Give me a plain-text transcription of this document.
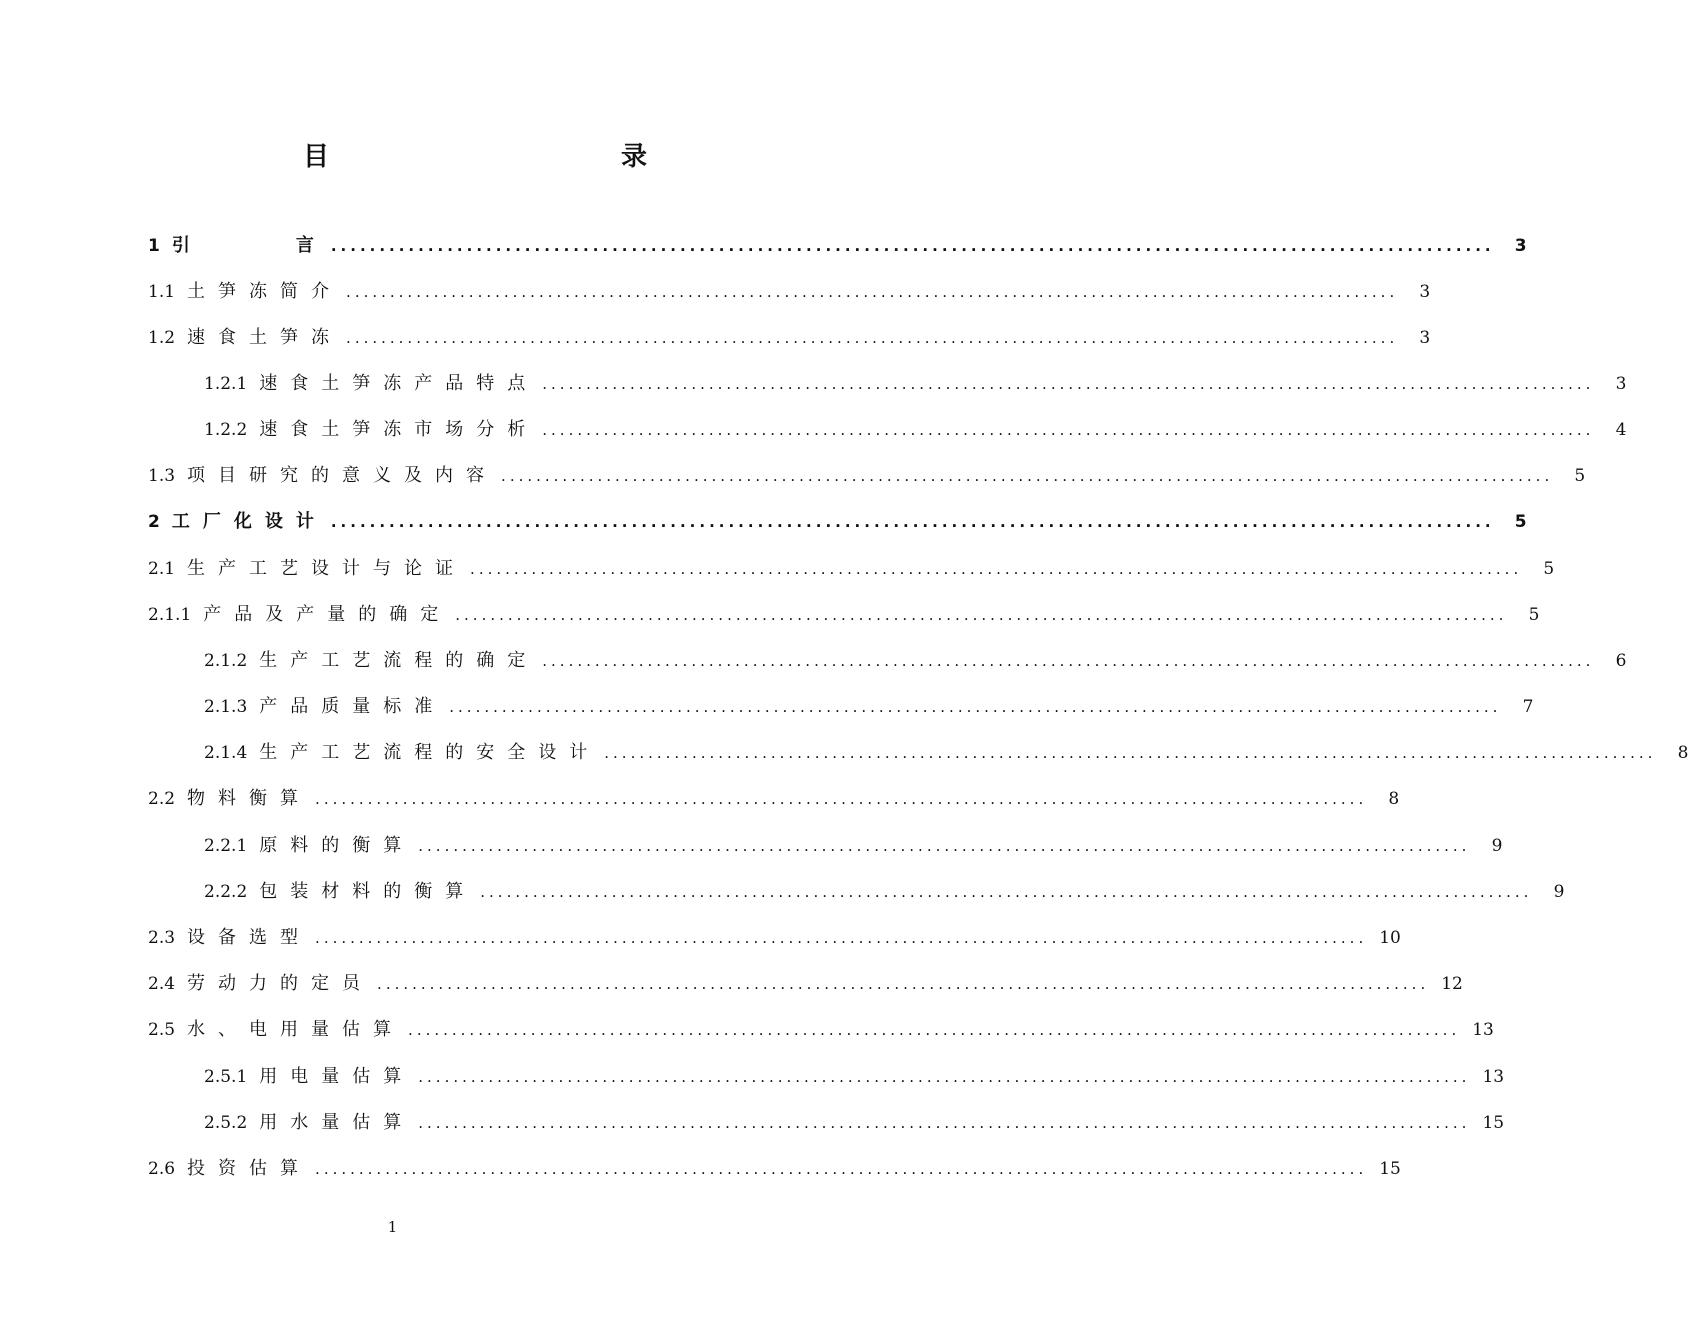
目　　录
1 引　　　言 ........................................................................................................................	3
1.1 土笋冻简介 ........................................................................................................................	3
1.2 速食土笋冻 ........................................................................................................................	3
1.2.1 速食土笋冻产品特点 ........................................................................................................................	3
1.2.2 速食土笋冻市场分析 ........................................................................................................................	4
1.3 项目研究的意义及内容 ........................................................................................................................	5
2 工厂化设计 ........................................................................................................................	5
2.1 生产工艺设计与论证 ........................................................................................................................	5
2.1.1 产品及产量的确定 ........................................................................................................................	5
2.1.2 生产工艺流程的确定 ........................................................................................................................	6
2.1.3 产品质量标准 ........................................................................................................................	7
2.1.4 生产工艺流程的安全设计 ........................................................................................................................	8
2.2 物料衡算 ........................................................................................................................	8
2.2.1 原料的衡算 ........................................................................................................................	9
2.2.2 包装材料的衡算 ........................................................................................................................	9
2.3 设备选型 ........................................................................................................................ 10
2.4 劳动力的定员 ........................................................................................................................ 12
2.5 水、电用量估算 ........................................................................................................................ 13
2.5.1 用电量估算 ........................................................................................................................ 13
2.5.2 用水量估算 ........................................................................................................................ 15
2.6 投资估算 ........................................................................................................................ 15
1
